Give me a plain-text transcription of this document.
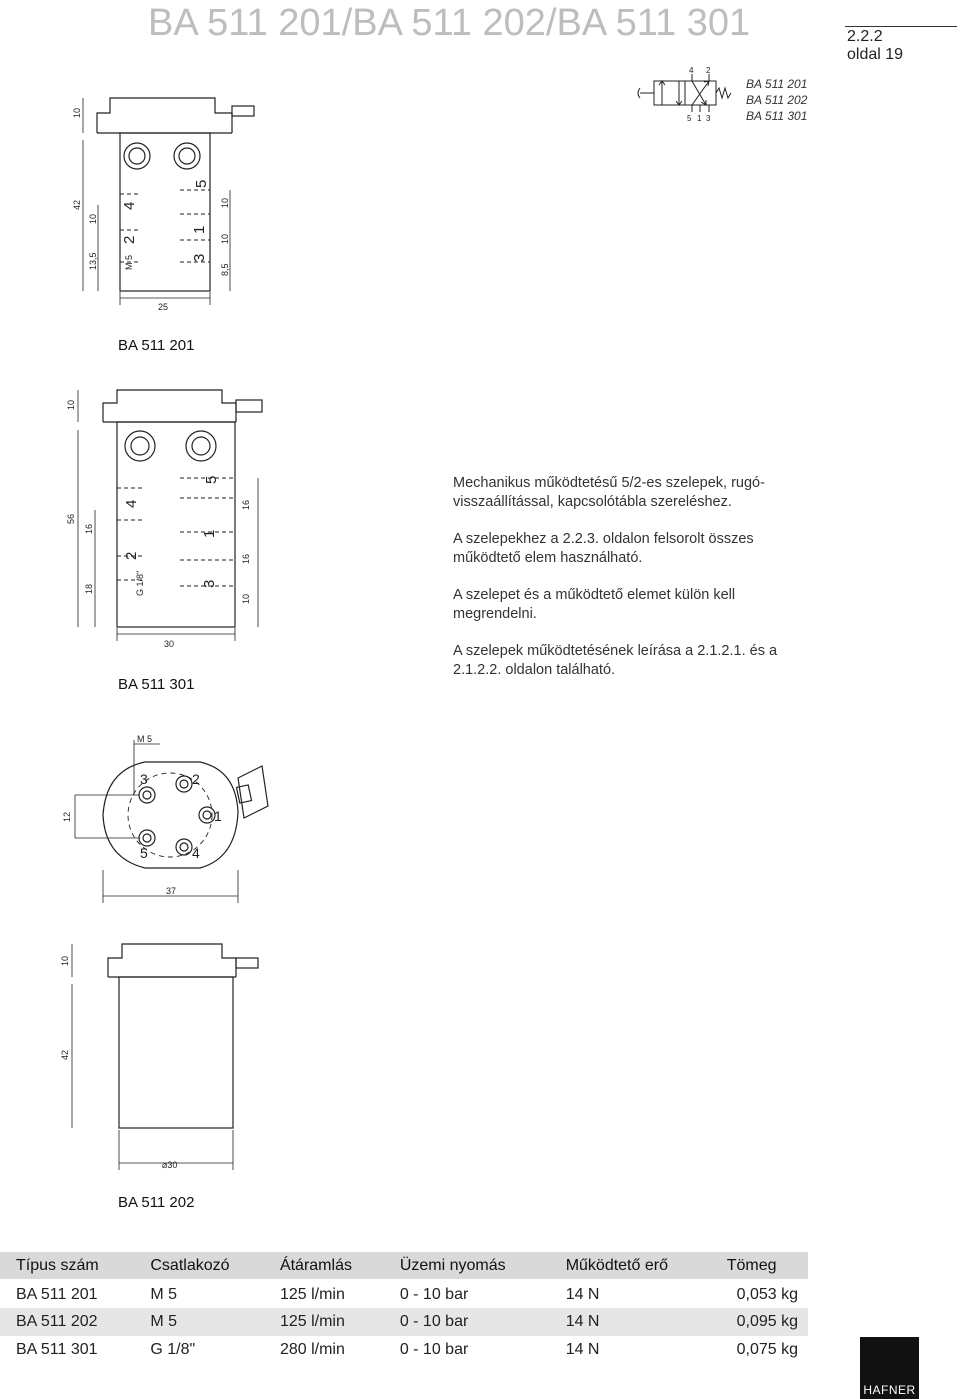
BA 511 201/BA 511 202/BA 511 301	2.2.2
oldal 19
4 2
5 1 3
BA 511 201
BA 511 202
BA 511 301
10
42
10
13,5	M 5
10
10
8,5
25
5
4
1
2
3
BA 511 201
10
56
16
18	G 1/8"
16
16
10
30
5
4
1
2
3
BA 511 301

Mechanikus működtetésű 5/2-es szelepek, rugó-visszaállítással, kapcsolótábla szereléshez.

A szelepekhez a 2.2.3. oldalon felsorolt összes működtető elem használható.

A szelepet és a működtető elemet külön kell megrendelni.

A szelepek működtetésének leírása a 2.1.2.1. és a 2.1.2.2. oldalon található.

M 5
12
37
3	2
1
5	4
10
42
⌀30
BA 511 202
Típus szám	Csatlakozó	Átáramlás	Üzemi nyomás	Működtető erő	Tömeg
BA 511 201	M 5	125 l/min	0 - 10 bar	14 N	0,053 kg
BA 511 202	M 5	125 l/min	0 - 10 bar	14 N	0,095 kg
BA 511 301	G 1/8"	280 l/min	0 - 10 bar	14 N	0,075 kg
HAFNER
